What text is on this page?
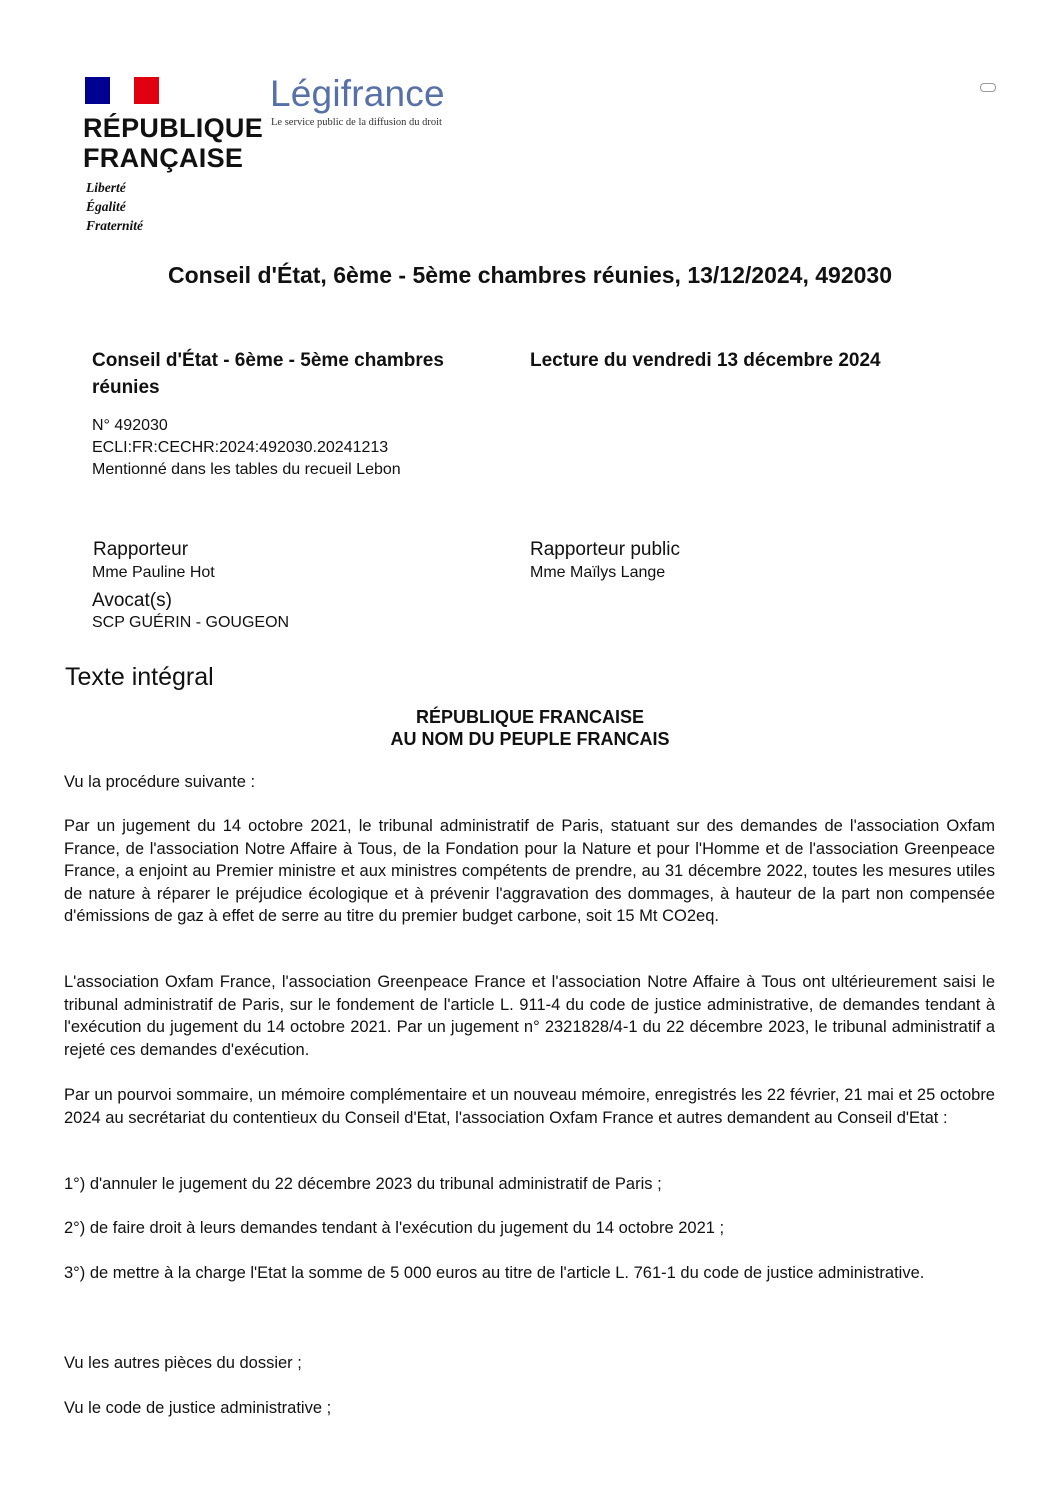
RÉPUBLIQUE
FRANÇAISE
Liberté
Égalité
Fraternité
Légifrance
Le service public de la diffusion du droit
Conseil d'État, 6ème - 5ème chambres réunies, 13/12/2024, 492030
Conseil d'État - 6ème - 5ème chambres réunies
Lecture du vendredi 13 décembre 2024
N° 492030
ECLI:FR:CECHR:2024:492030.20241213
Mentionné dans les tables du recueil Lebon
Rapporteur
Mme Pauline Hot
Rapporteur public
Mme Maïlys Lange
Avocat(s)
SCP GUÉRIN - GOUGEON
Texte intégral
RÉPUBLIQUE FRANCAISE
AU NOM DU PEUPLE FRANCAIS
Vu la procédure suivante :
Par un jugement du 14 octobre 2021, le tribunal administratif de Paris, statuant sur des demandes de l'association Oxfam France, de l'association Notre Affaire à Tous, de la Fondation pour la Nature et pour l'Homme et de l'association Greenpeace France, a enjoint au Premier ministre et aux ministres compétents de prendre, au 31 décembre 2022, toutes les mesures utiles de nature à réparer le préjudice écologique et à prévenir l'aggravation des dommages, à hauteur de la part non compensée d'émissions de gaz à effet de serre au titre du premier budget carbone, soit 15 Mt CO2eq.
L'association Oxfam France, l'association Greenpeace France et l'association Notre Affaire à Tous ont ultérieurement saisi le tribunal administratif de Paris, sur le fondement de l'article L. 911-4 du code de justice administrative, de demandes tendant à l'exécution du jugement du 14 octobre 2021. Par un jugement n° 2321828/4-1 du 22 décembre 2023, le tribunal administratif a rejeté ces demandes d'exécution.
Par un pourvoi sommaire, un mémoire complémentaire et un nouveau mémoire, enregistrés les 22 février, 21 mai et 25 octobre 2024 au secrétariat du contentieux du Conseil d'Etat, l'association Oxfam France et autres demandent au Conseil d'Etat :
1°) d'annuler le jugement du 22 décembre 2023 du tribunal administratif de Paris ;
2°) de faire droit à leurs demandes tendant à l'exécution du jugement du 14 octobre 2021 ;
3°) de mettre à la charge l'Etat la somme de 5 000 euros au titre de l'article L. 761-1 du code de justice administrative.
Vu les autres pièces du dossier ;
Vu le code de justice administrative ;
